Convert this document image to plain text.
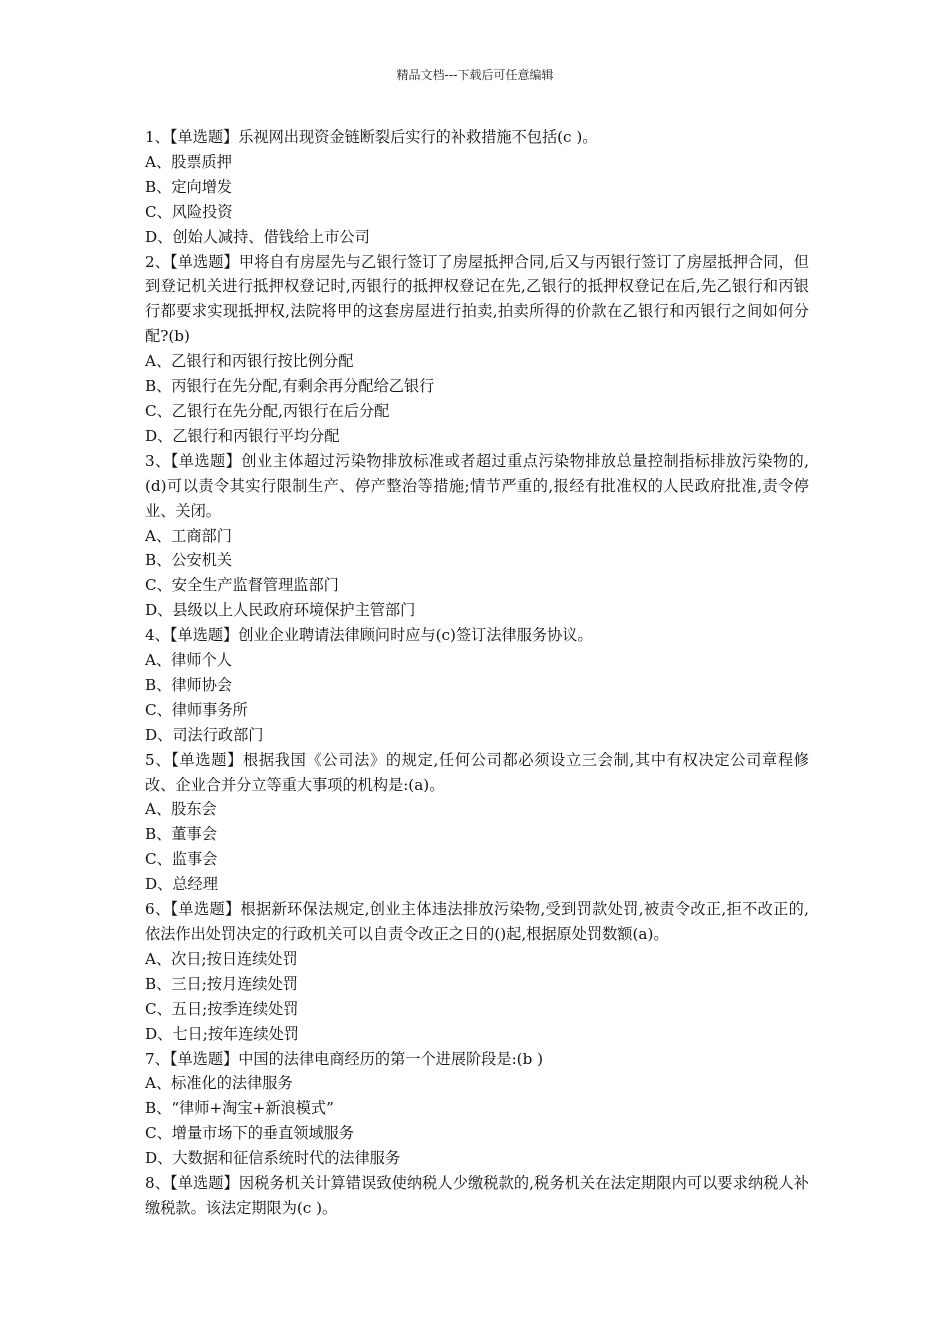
精品文档---下载后可任意编辑

1、【单选题】乐视网出现资金链断裂后实行的补救措施不包括(c )。

A、股票质押

B、定向增发

C、风险投资

D、创始人减持、借钱给上市公司

2、【单选题】甲将自有房屋先与乙银行签订了房屋抵押合同,后又与丙银行签订了房屋抵押合同，但到登记机关进行抵押权登记时,丙银行的抵押权登记在先,乙银行的抵押权登记在后,先乙银行和丙银行都要求实现抵押权,法院将甲的这套房屋进行拍卖,拍卖所得的价款在乙银行和丙银行之间如何分配?(b)

A、乙银行和丙银行按比例分配

B、丙银行在先分配,有剩余再分配给乙银行

C、乙银行在先分配,丙银行在后分配

D、乙银行和丙银行平均分配

3、【单选题】创业主体超过污染物排放标准或者超过重点污染物排放总量控制指标排放污染物的,(d)可以责令其实行限制生产、停产整治等措施;情节严重的,报经有批准权的人民政府批准,责令停业、关闭。

A、工商部门

B、公安机关

C、安全生产监督管理监部门

D、县级以上人民政府环境保护主管部门

4、【单选题】创业企业聘请法律顾问时应与(c)签订法律服务协议。

A、律师个人

B、律师协会

C、律师事务所

D、司法行政部门

5、【单选题】根据我国《公司法》的规定,任何公司都必须设立三会制,其中有权决定公司章程修改、企业合并分立等重大事项的机构是:(a)。

A、股东会

B、董事会

C、监事会

D、总经理

6、【单选题】根据新环保法规定,创业主体违法排放污染物,受到罚款处罚,被责令改正,拒不改正的,依法作出处罚决定的行政机关可以自责令改正之日的()起,根据原处罚数额(a)。

A、次日;按日连续处罚

B、三日;按月连续处罚

C、五日;按季连续处罚

D、七日;按年连续处罚

7、【单选题】中国的法律电商经历的第一个进展阶段是:(b )

A、标准化的法律服务

B、“律师+淘宝+新浪模式”

C、增量市场下的垂直领域服务

D、大数据和征信系统时代的法律服务

8、【单选题】因税务机关计算错误致使纳税人少缴税款的,税务机关在法定期限内可以要求纳税人补缴税款。该法定期限为(c )。
